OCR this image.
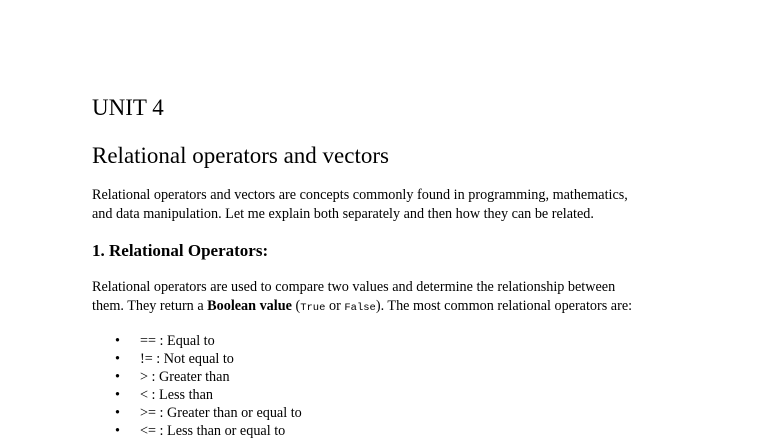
UNIT 4
Relational operators and vectors
Relational operators and vectors are concepts commonly found in programming, mathematics,
and data manipulation. Let me explain both separately and then how they can be related.
1. Relational Operators:
Relational operators are used to compare two values and determine the relationship between
them. They return a Boolean value (True or False). The most common relational operators are:
• == : Equal to
• != : Not equal to
• > : Greater than
• < : Less than
• >= : Greater than or equal to
• <= : Less than or equal to
